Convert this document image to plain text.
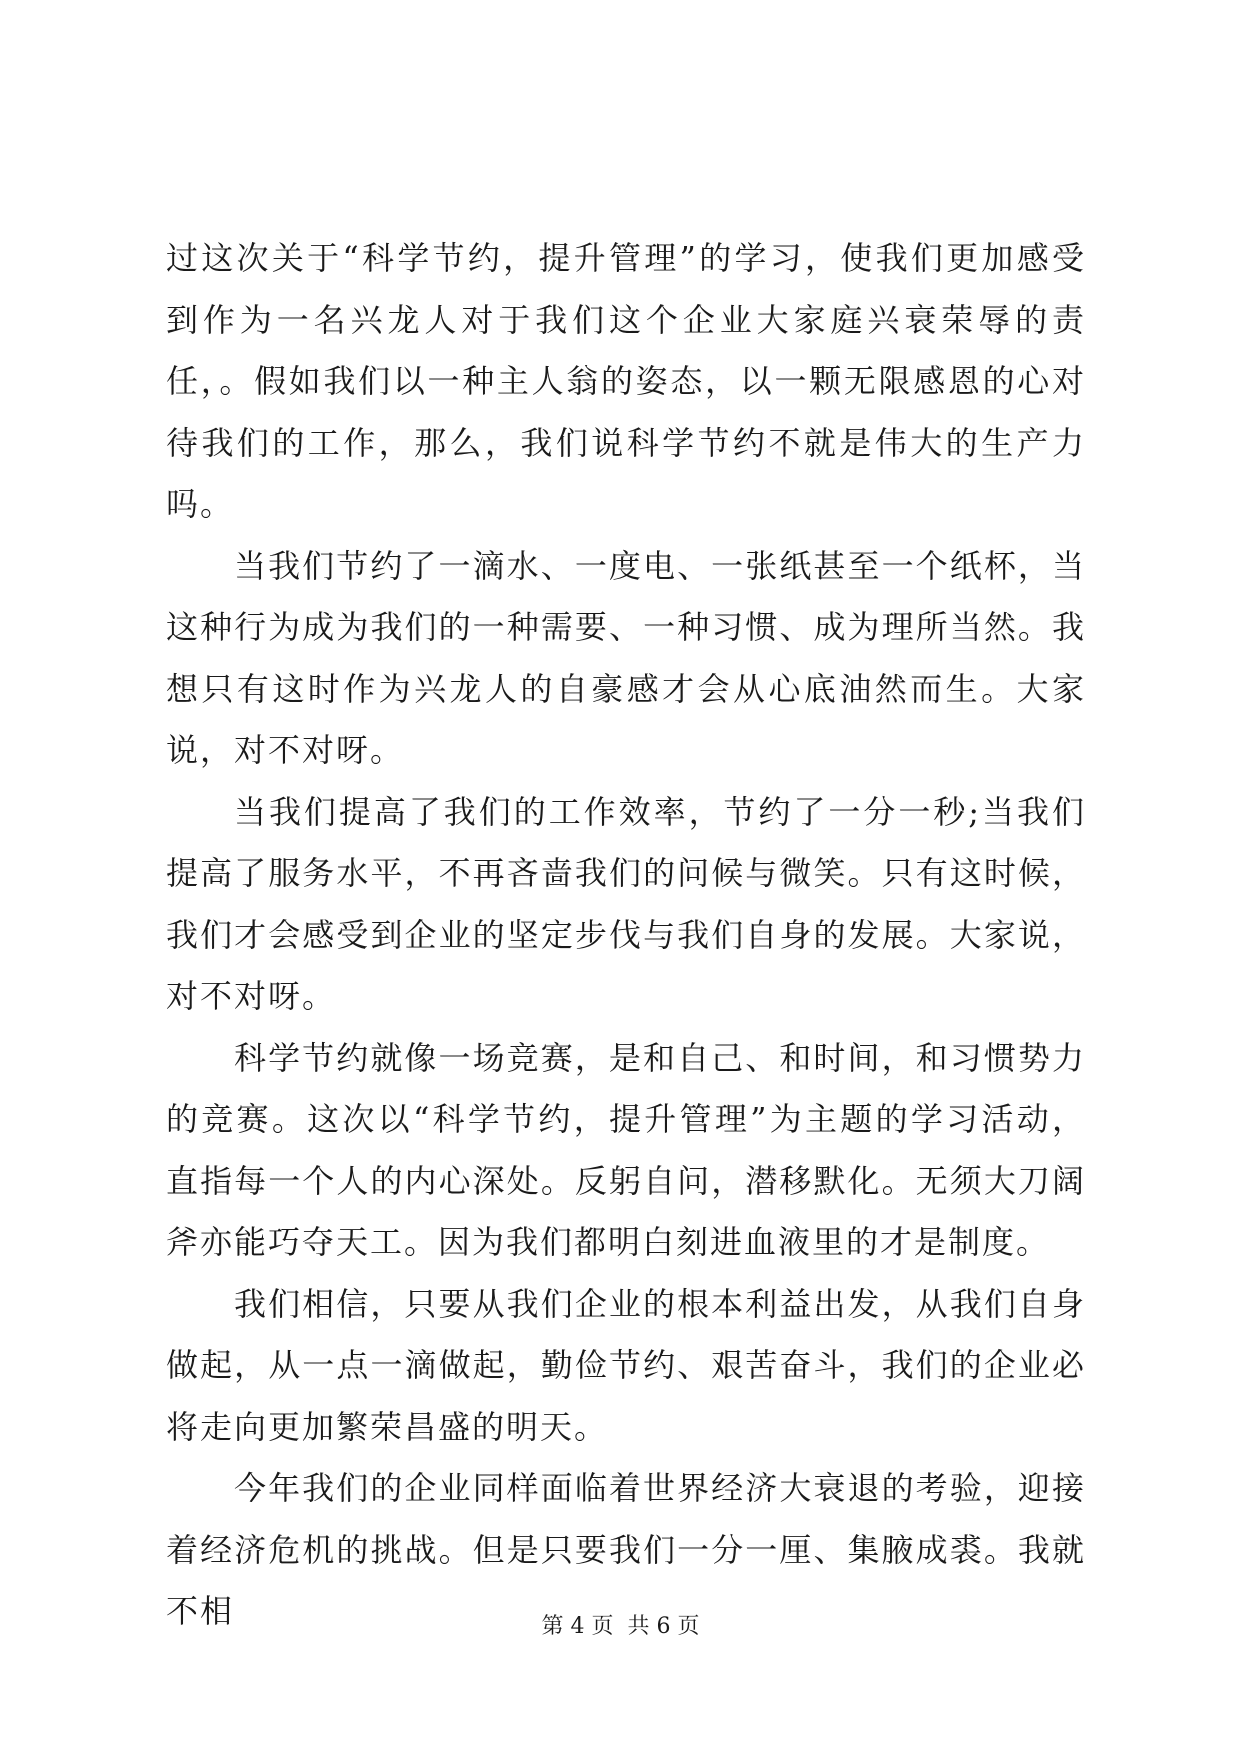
过这次关于“科学节约，提升管理”的学习，使我们更加感受到作为一名兴龙人对于我们这个企业大家庭兴衰荣辱的责任，。假如我们以一种主人翁的姿态，以一颗无限感恩的心对待我们的工作，那么，我们说科学节约不就是伟大的生产力吗。

当我们节约了一滴水、一度电、一张纸甚至一个纸杯，当这种行为成为我们的一种需要、一种习惯、成为理所当然。我想只有这时作为兴龙人的自豪感才会从心底油然而生。大家说，对不对呀。

当我们提高了我们的工作效率，节约了一分一秒;当我们提高了服务水平，不再吝啬我们的问候与微笑。只有这时候，我们才会感受到企业的坚定步伐与我们自身的发展。大家说，对不对呀。

科学节约就像一场竞赛，是和自己、和时间，和习惯势力的竞赛。这次以“科学节约，提升管理”为主题的学习活动，直指每一个人的内心深处。反躬自问，潜移默化。无须大刀阔斧亦能巧夺天工。因为我们都明白刻进血液里的才是制度。

我们相信，只要从我们企业的根本利益出发，从我们自身做起，从一点一滴做起，勤俭节约、艰苦奋斗，我们的企业必将走向更加繁荣昌盛的明天。

今年我们的企业同样面临着世界经济大衰退的考验，迎接着经济危机的挑战。但是只要我们一分一厘、集腋成裘。我就不相	第 4 页  共 6 页
